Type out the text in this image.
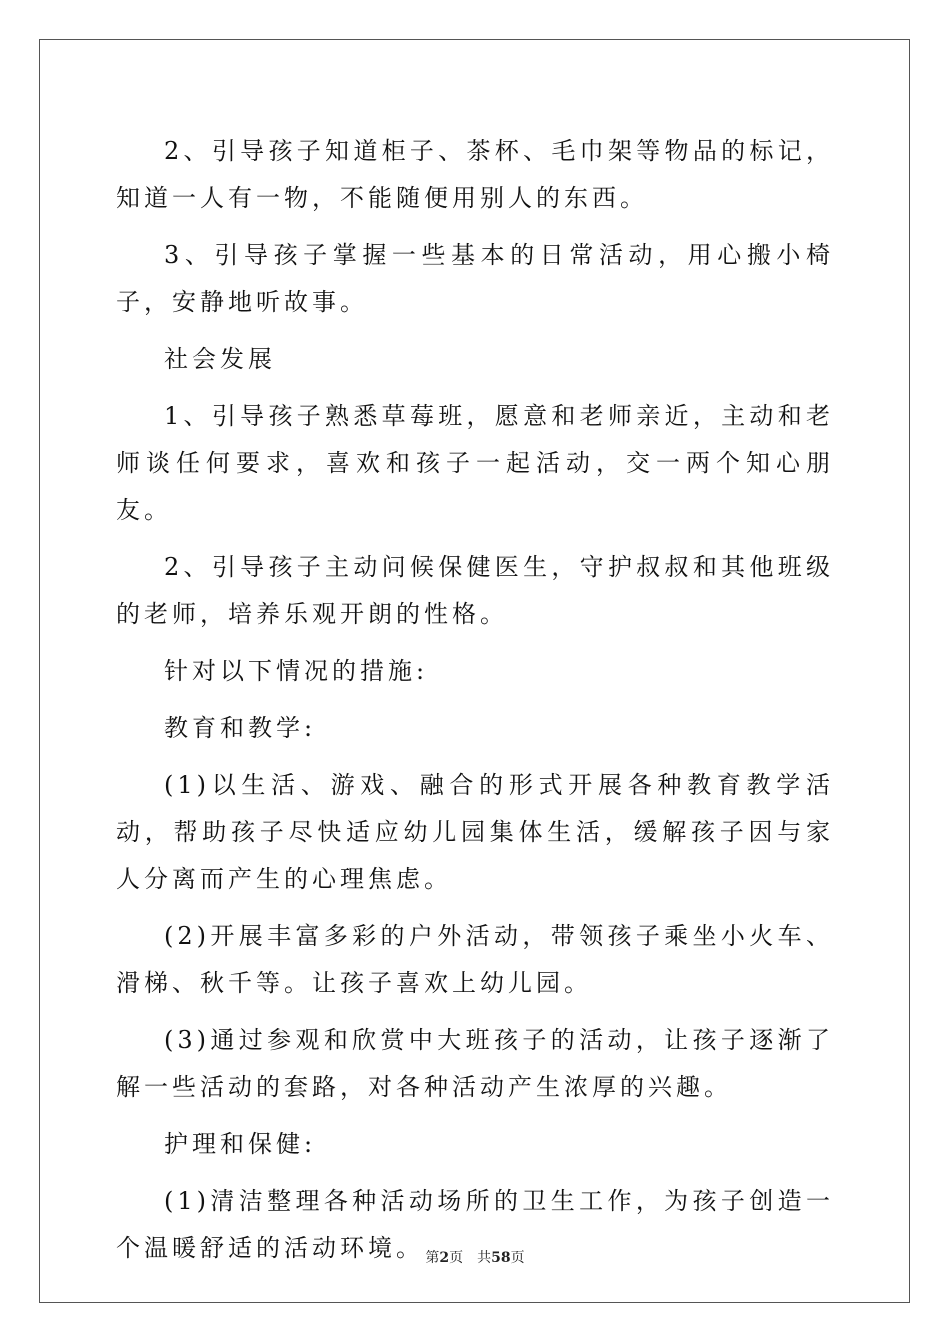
2、引导孩子知道柜子、茶杯、毛巾架等物品的标记，知道一人有一物，不能随便用别人的东西。

3、引导孩子掌握一些基本的日常活动，用心搬小椅子，安静地听故事。

社会发展

1、引导孩子熟悉草莓班，愿意和老师亲近，主动和老师谈任何要求，喜欢和孩子一起活动，交一两个知心朋友。

2、引导孩子主动问候保健医生，守护叔叔和其他班级的老师，培养乐观开朗的性格。

针对以下情况的措施:

教育和教学:

(1)以生活、游戏、融合的形式开展各种教育教学活动，帮助孩子尽快适应幼儿园集体生活，缓解孩子因与家人分离而产生的心理焦虑。

(2)开展丰富多彩的户外活动，带领孩子乘坐小火车、滑梯、秋千等。让孩子喜欢上幼儿园。

(3)通过参观和欣赏中大班孩子的活动，让孩子逐渐了解一些活动的套路，对各种活动产生浓厚的兴趣。

护理和保健:

(1)清洁整理各种活动场所的卫生工作，为孩子创造一个温暖舒适的活动环境。 第2页 共58页
